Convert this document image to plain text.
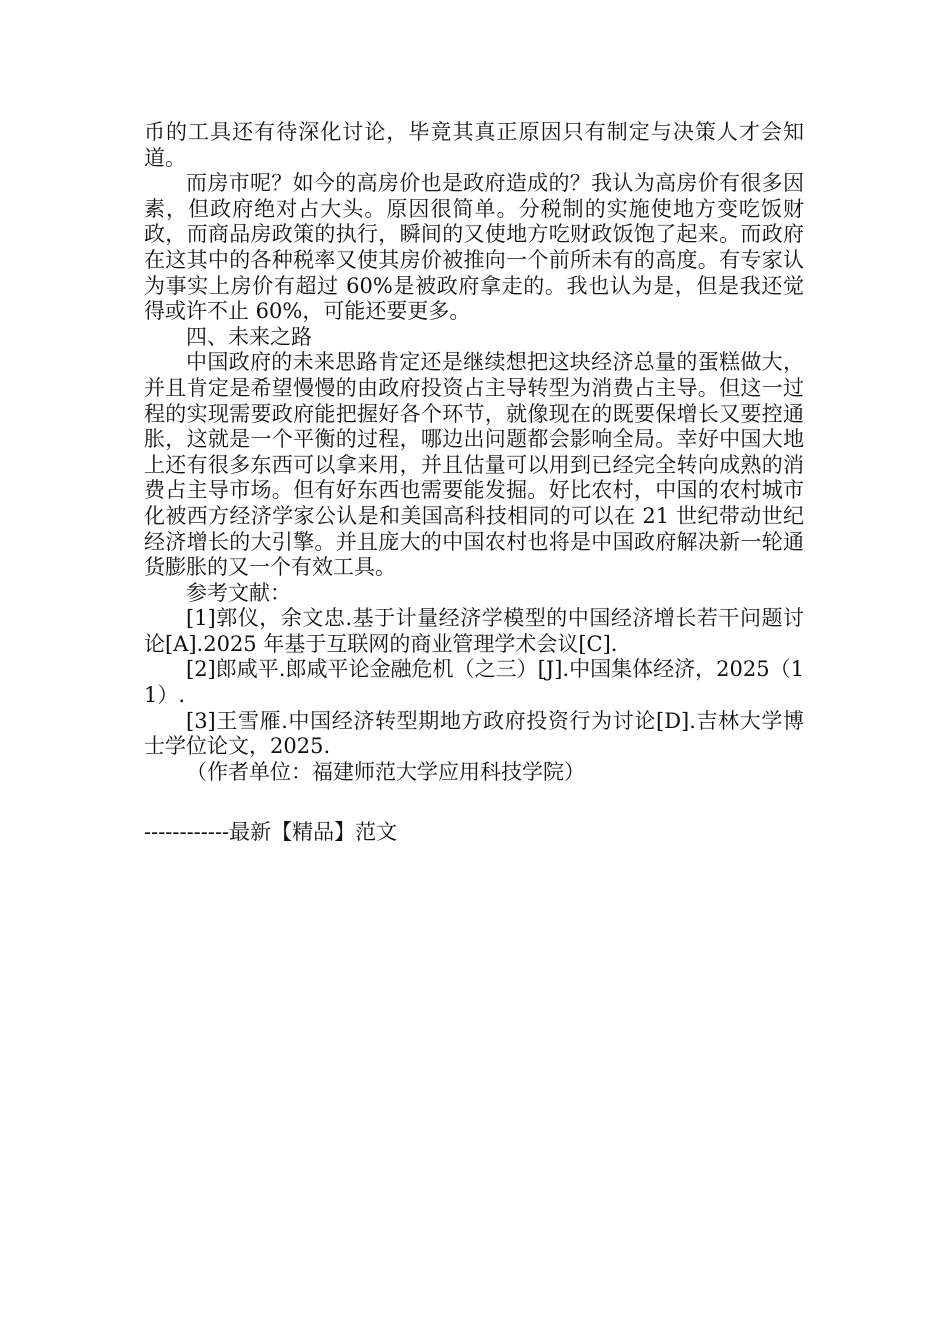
币的工具还有待深化讨论，毕竟其真正原因只有制定与决策人才会知道。

而房市呢？如今的高房价也是政府造成的？我认为高房价有很多因素，但政府绝对占大头。原因很简单。分税制的实施使地方变吃饭财政，而商品房政策的执行，瞬间的又使地方吃财政饭饱了起来。而政府在这其中的各种税率又使其房价被推向一个前所未有的高度。有专家认为事实上房价有超过 60%是被政府拿走的。我也认为是，但是我还觉得或许不止 60%，可能还要更多。

四、未来之路

中国政府的未来思路肯定还是继续想把这块经济总量的蛋糕做大，并且肯定是希望慢慢的由政府投资占主导转型为消费占主导。但这一过程的实现需要政府能把握好各个环节，就像现在的既要保增长又要控通胀，这就是一个平衡的过程，哪边出问题都会影响全局。幸好中国大地上还有很多东西可以拿来用，并且估量可以用到已经完全转向成熟的消费占主导市场。但有好东西也需要能发掘。好比农村，中国的农村城市化被西方经济学家公认是和美国高科技相同的可以在 21 世纪带动世纪经济增长的大引擎。并且庞大的中国农村也将是中国政府解决新一轮通货膨胀的又一个有效工具。

参考文献：

[1]郭仪，余文忠.基于计量经济学模型的中国经济增长若干问题讨论[A].2025 年基于互联网的商业管理学术会议[C].

[2]郎咸平.郎咸平论金融危机（之三）[J].中国集体经济，2025（11）.

[3]王雪雁.中国经济转型期地方政府投资行为讨论[D].吉林大学博士学位论文，2025.

（作者单位：福建师范大学应用科技学院）

------------最新【精品】范文
